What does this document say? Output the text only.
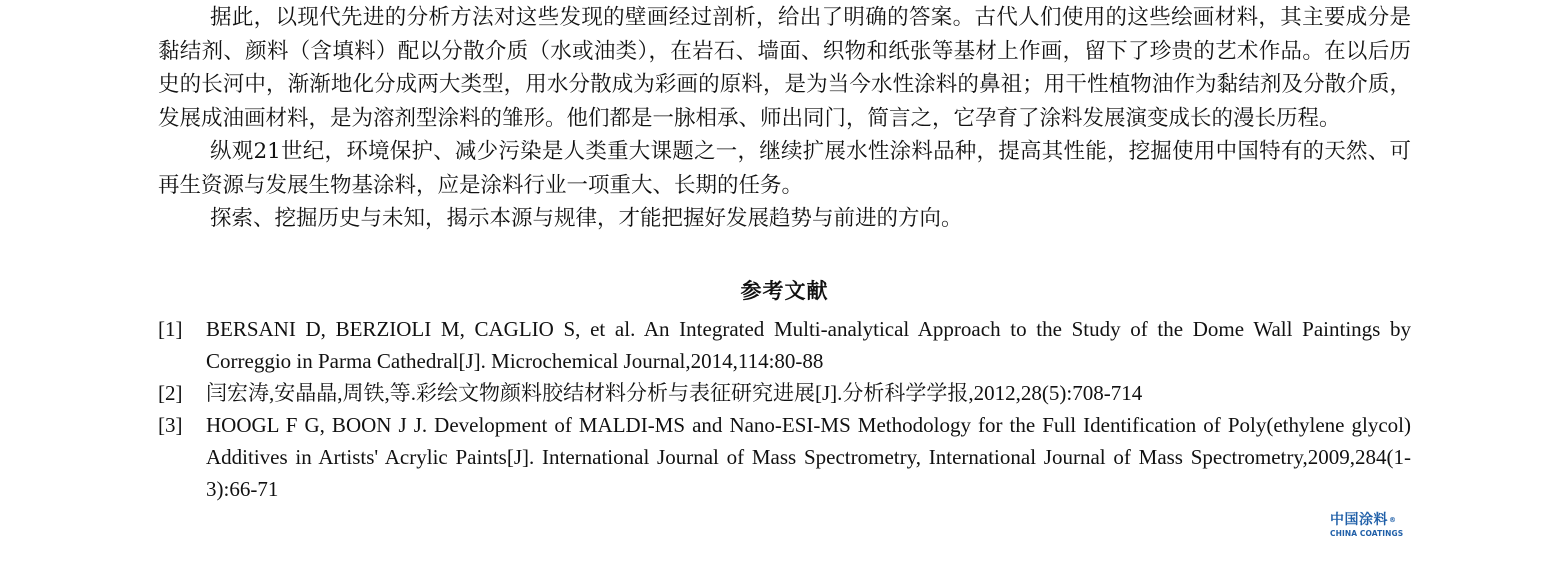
据此，以现代先进的分析方法对这些发现的壁画经过剖析，给出了明确的答案。古代人们使用的这些绘画材料，其主要成分是黏结剂、颜料（含填料）配以分散介质（水或油类），在岩石、墙面、织物和纸张等基材上作画，留下了珍贵的艺术作品。在以后历史的长河中，渐渐地化分成两大类型，用水分散成为彩画的原料，是为当今水性涂料的鼻祖；用干性植物油作为黏结剂及分散介质，发展成油画材料，是为溶剂型涂料的雏形。他们都是一脉相承、师出同门，简言之，它孕育了涂料发展演变成长的漫长历程。

纵观21世纪，环境保护、减少污染是人类重大课题之一，继续扩展水性涂料品种，提高其性能，挖掘使用中国特有的天然、可再生资源与发展生物基涂料，应是涂料行业一项重大、长期的任务。

探索、挖掘历史与未知，揭示本源与规律，才能把握好发展趋势与前进的方向。

参考文献
[1]	BERSANI D, BERZIOLI M, CAGLIO S, et al. An Integrated Multi-analytical Approach to the Study of the Dome Wall Paintings by Correggio in Parma Cathedral[J]. Microchemical Journal,2014,114:80-88
[2]	闫宏涛,安晶晶,周铁,等.彩绘文物颜料胶结材料分析与表征研究进展[J].分析科学学报,2012,28(5):708-714
[3]	HOOGL F G, BOON J J. Development of MALDI-MS and Nano-ESI-MS Methodology for the Full Identification of Poly(ethylene glycol) Additives in Artists' Acrylic Paints[J]. International Journal of Mass Spectrometry, International Journal of Mass Spectrometry,2009,284(1-3):66-71
中国涂料®
CHINA COATINGS
